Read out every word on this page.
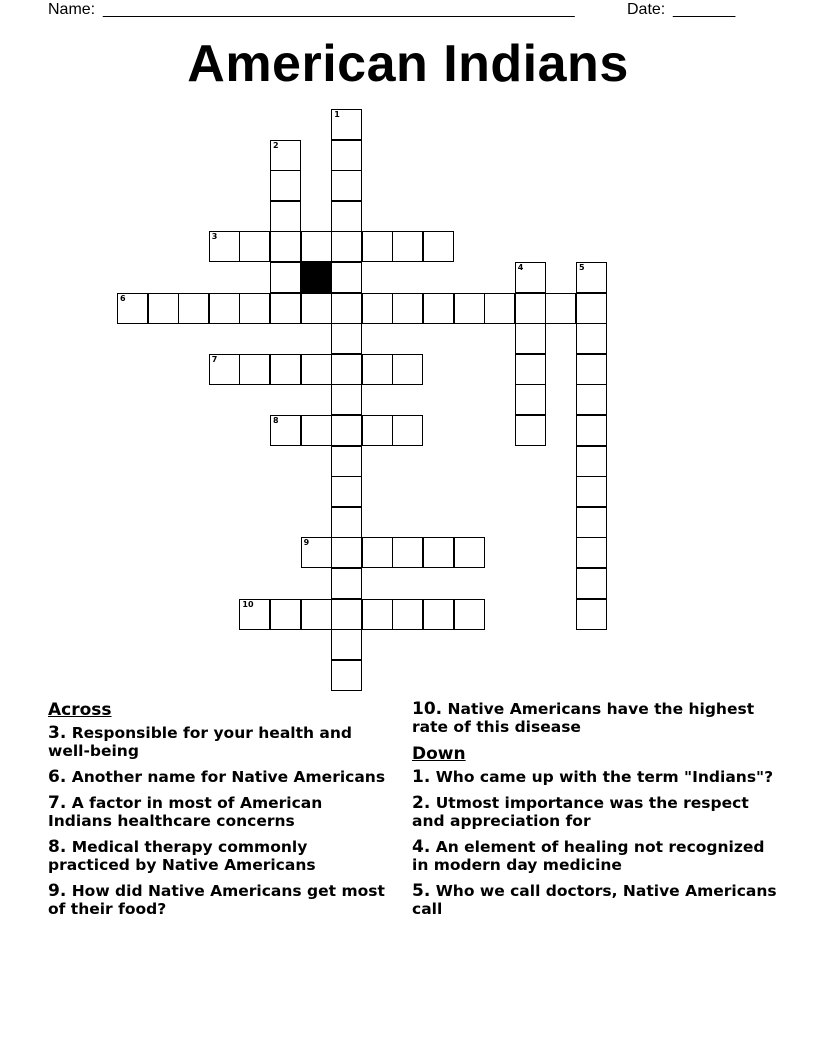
Name: _____________________________________________________	Date: _______
American Indians
1
2
3
4	5
6
7
8
9
10
Across
3. Responsible for your health and well-being
6. Another name for Native Americans
7. A factor in most of American Indians healthcare concerns
8. Medical therapy commonly practiced by Native Americans
9. How did Native Americans get most of their food?
10. Native Americans have the highest rate of this disease
Down
1. Who came up with the term "Indians"?
2. Utmost importance was the respect and appreciation for
4. An element of healing not recognized in modern day medicine
5. Who we call doctors, Native Americans call
